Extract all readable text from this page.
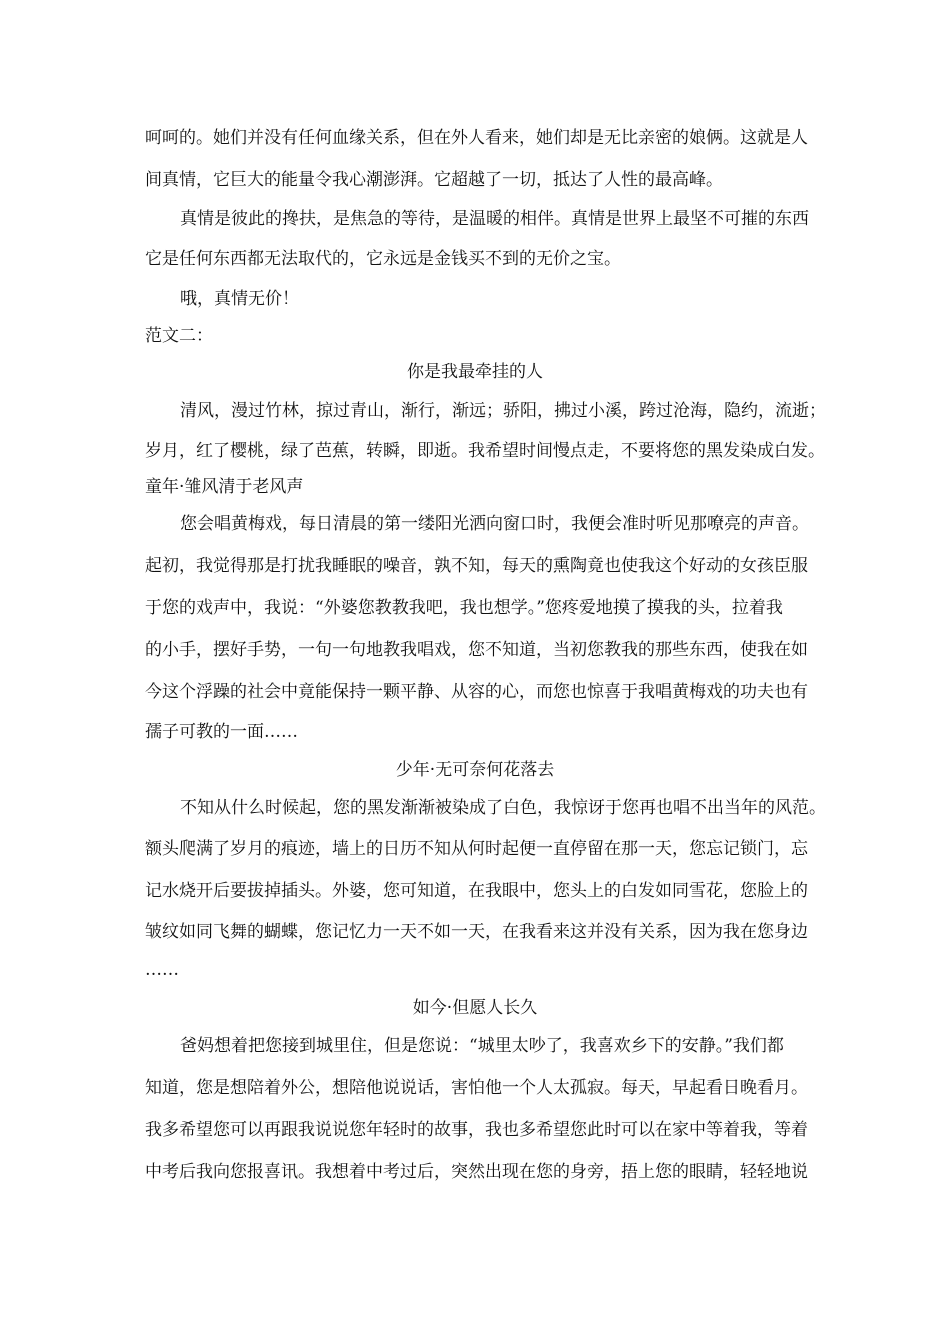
呵呵的。她们并没有任何血缘关系，但在外人看来，她们却是无比亲密的娘俩。这就是人
间真情，它巨大的能量令我心潮澎湃。它超越了一切，抵达了人性的最高峰。
真情是彼此的搀扶，是焦急的等待，是温暖的相伴。真情是世界上最坚不可摧的东西
它是任何东西都无法取代的，它永远是金钱买不到的无价之宝。
哦，真情无价！
范文二：
你是我最牵挂的人
清风，漫过竹林，掠过青山，渐行，渐远；骄阳，拂过小溪，跨过沧海，隐约，流逝；
岁月，红了樱桃，绿了芭蕉，转瞬，即逝。我希望时间慢点走，不要将您的黑发染成白发。
童年·雏风清于老风声
您会唱黄梅戏，每日清晨的第一缕阳光洒向窗口时，我便会准时听见那嘹亮的声音。
起初，我觉得那是打扰我睡眠的噪音，孰不知，每天的熏陶竟也使我这个好动的女孩臣服
于您的戏声中，我说：“外婆您教教我吧，我也想学。”您疼爱地摸了摸我的头，拉着我
的小手，摆好手势，一句一句地教我唱戏，您不知道，当初您教我的那些东西，使我在如
今这个浮躁的社会中竟能保持一颗平静、从容的心，而您也惊喜于我唱黄梅戏的功夫也有
孺子可教的一面……
少年·无可奈何花落去
不知从什么时候起，您的黑发渐渐被染成了白色，我惊讶于您再也唱不出当年的风范。
额头爬满了岁月的痕迹，墙上的日历不知从何时起便一直停留在那一天，您忘记锁门，忘
记水烧开后要拔掉插头。外婆，您可知道，在我眼中，您头上的白发如同雪花，您脸上的
皱纹如同飞舞的蝴蝶，您记忆力一天不如一天，在我看来这并没有关系，因为我在您身边
……
如今·但愿人长久
爸妈想着把您接到城里住，但是您说：“城里太吵了，我喜欢乡下的安静。”我们都
知道，您是想陪着外公，想陪他说说话，害怕他一个人太孤寂。每天，早起看日晚看月。
我多希望您可以再跟我说说您年轻时的故事，我也多希望您此时可以在家中等着我，等着
中考后我向您报喜讯。我想着中考过后，突然出现在您的身旁，捂上您的眼睛，轻轻地说
